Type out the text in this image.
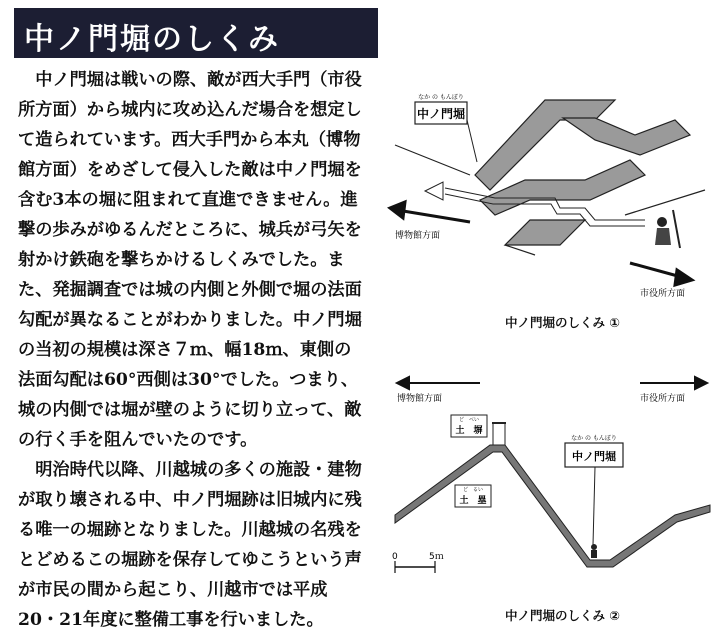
中ノ門堀のしくみ

中ノ門堀は戦いの際、敵が西大手門（市役所方面）から城内に攻め込んだ場合を想定して造られています。西大手門から本丸（博物館方面）をめざして侵入した敵は中ノ門堀を含む3本の堀に阻まれて直進できません。進撃の歩みがゆるんだところに、城兵が弓矢を射かけ鉄砲を撃ちかけるしくみでした。また、発掘調査では城の内側と外側で堀の法面勾配が異なることがわかりました。中ノ門堀の当初の規模は深さ７ｍ、幅18ｍ、東側の法面勾配は60°西側は30°でした。つまり、城の内側では堀が壁のように切り立って、敵の行く手を阻んでいたのです。

明治時代以降、川越城の多くの施設・建物が取り壊される中、中ノ門堀跡は旧城内に残る唯一の堀跡となりました。川越城の名残をとどめるこの堀跡を保存してゆこうという声が市民の間から起こり、川越市では平成20・21年度に整備工事を行いました。

なか の もんぼり
中ノ門堀
博物館方面
市役所方面
中ノ門堀のしくみ ①
博物館方面	市役所方面
ど　べい
土　塀
ど　るい
土　塁
なか の もんぼり
中ノ門堀
0	5ｍ
中ノ門堀のしくみ ②
